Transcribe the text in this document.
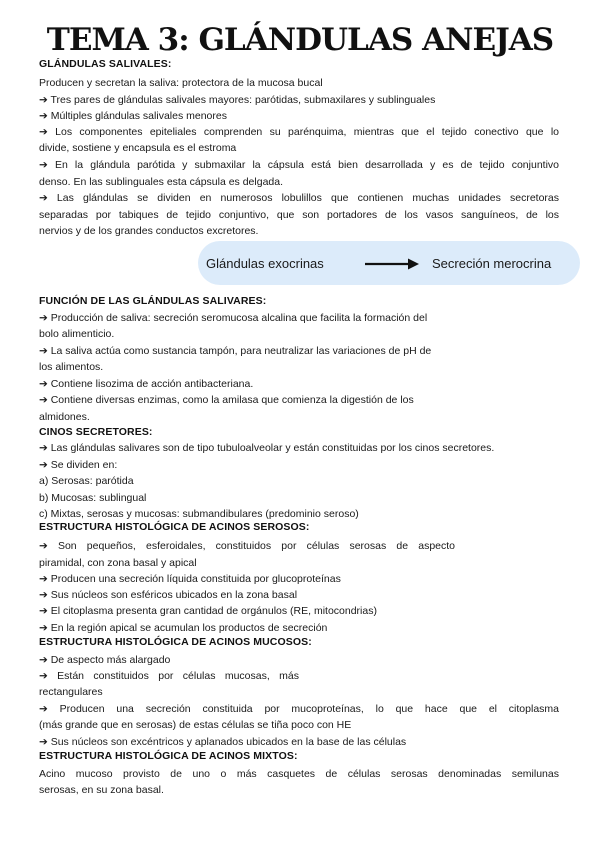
TEMA 3: GLÁNDULAS ANEJAS
GLÁNDULAS SALIVALES:
Producen y secretan la saliva: protectora de la mucosa bucal
➔ Tres pares de glándulas salivales mayores: parótidas, submaxilares y sublinguales
➔ Múltiples glándulas salivales menores
➔ Los componentes epiteliales comprenden su parénquima, mientras que el tejido conectivo que lo
divide, sostiene y encapsula es el estroma
➔ En la glándula parótida y submaxilar la cápsula está bien desarrollada y es de tejido conjuntivo
denso. En las sublinguales esta cápsula es delgada.
➔ Las glándulas se dividen en numerosos lobulillos que contienen muchas unidades secretoras
separadas por tabiques de tejido conjuntivo, que son portadores de los vasos sanguíneos, de los
nervios y de los grandes conductos excretores.
Glándulas exocrinas	Secreción merocrina
FUNCIÓN DE LAS GLÁNDULAS SALIVARES:
➔ Producción de saliva: secreción seromucosa alcalina que facilita la formación del
bolo alimenticio.
➔ La saliva actúa como sustancia tampón, para neutralizar las variaciones de pH de
los alimentos.
➔ Contiene lisozima de acción antibacteriana.
➔ Contiene diversas enzimas, como la amilasa que comienza la digestión de los
almidones.
CINOS SECRETORES:
➔ Las glándulas salivares son de tipo tubuloalveolar y están constituidas por los cinos secretores.
➔ Se dividen en:
a) Serosas: parótida
b) Mucosas: sublingual
c) Mixtas, serosas y mucosas: submandibulares (predominio seroso)
ESTRUCTURA HISTOLÓGICA DE ACINOS SEROSOS:
➔ Son pequeños, esferoidales, constituidos por células serosas de aspecto
piramidal, con zona basal y apical
➔ Producen una secreción líquida constituida por glucoproteínas
➔ Sus núcleos son esféricos ubicados en la zona basal
➔ El citoplasma presenta gran cantidad de orgánulos (RE, mitocondrias)
➔ En la región apical se acumulan los productos de secreción
ESTRUCTURA HISTOLÓGICA DE ACINOS MUCOSOS:
➔ De aspecto más alargado
➔ Están constituidos por células mucosas, más
rectangulares
➔ Producen una secreción constituida por mucoproteínas, lo que hace que el citoplasma
(más grande que en serosas) de estas células se tiña poco con HE
➔ Sus núcleos son excéntricos y aplanados ubicados en la base de las células
ESTRUCTURA HISTOLÓGICA DE ACINOS MIXTOS:
Acino mucoso provisto de uno o más casquetes de células serosas denominadas semilunas
serosas, en su zona basal.
